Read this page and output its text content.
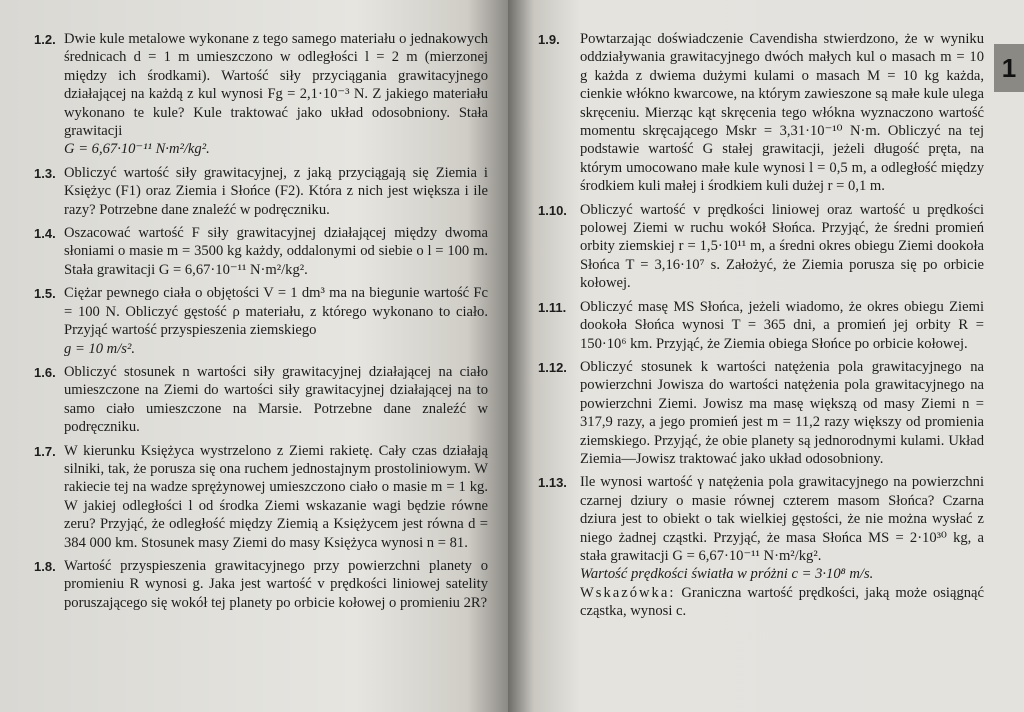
1.2. Dwie kule metalowe wykonane z tego samego materiału o jednakowych średnicach d = 1 m umieszczono w odległości l = 2 m (mierzonej między ich środkami). Wartość siły przyciągania grawitacyjnego działającej na każdą z kul wynosi Fg = 2,1·10⁻³ N. Z jakiego materiału wykonano te kule? Kule traktować jako układ odosobniony. Stała grawitacji

G = 6,67·10⁻¹¹ N·m²/kg².

1.3. Obliczyć wartość siły grawitacyjnej, z jaką przyciągają się Ziemia i Księżyc (F1) oraz Ziemia i Słońce (F2). Która z nich jest większa i ile razy? Potrzebne dane znaleźć w podręczniku.

1.4. Oszacować wartość F siły grawitacyjnej działającej między dwoma słoniami o masie m = 3500 kg każdy, oddalonymi od siebie o l = 100 m. Stała grawitacji G = 6,67·10⁻¹¹ N·m²/kg².

1.5. Ciężar pewnego ciała o objętości V = 1 dm³ ma na biegunie wartość Fc = 100 N. Obliczyć gęstość ρ materiału, z którego wykonano to ciało. Przyjąć wartość przyspieszenia ziemskiego

g = 10 m/s².

1.6. Obliczyć stosunek n wartości siły grawitacyjnej działającej na ciało umieszczone na Ziemi do wartości siły grawitacyjnej działającej na to samo ciało umieszczone na Marsie. Potrzebne dane znaleźć w podręczniku.

1.7. W kierunku Księżyca wystrzelono z Ziemi rakietę. Cały czas działają silniki, tak, że porusza się ona ruchem jednostajnym prostoliniowym. W rakiecie tej na wadze sprężynowej umieszczono ciało o masie m = 1 kg. W jakiej odległości l od środka Ziemi wskazanie wagi będzie równe zeru? Przyjąć, że odległość między Ziemią a Księżycem jest równa d = 384 000 km. Stosunek masy Ziemi do masy Księżyca wynosi n = 81.

1.8. Wartość przyspieszenia grawitacyjnego przy powierzchni planety o promieniu R wynosi g. Jaka jest wartość v prędkości liniowej satelity poruszającego się wokół tej planety po orbicie kołowej o promieniu 2R?

1
1.9.	Powtarzając doświadczenie Cavendisha stwierdzono, że w wyniku oddziaływania grawitacyjnego dwóch małych kul o masach m = 10 g każda z dwiema dużymi kulami o masach M = 10 kg każda, cienkie włókno kwarcowe, na którym zawieszone są małe kule ulega skręceniu. Mierząc kąt skręcenia tego włókna wyznaczono wartość momentu skręcającego Mskr = 3,31·10⁻¹⁰ N·m. Obliczyć na tej podstawie wartość G stałej grawitacji, jeżeli długość pręta, na którym umocowano małe kule wynosi l = 0,5 m, a odległość między środkiem kuli małej i środkiem kuli dużej r = 0,1 m.

1.10. Obliczyć wartość v prędkości liniowej oraz wartość u prędkości polowej Ziemi w ruchu wokół Słońca. Przyjąć, że średni promień orbity ziemskiej r = 1,5·10¹¹ m, a średni okres obiegu Ziemi dookoła Słońca T = 3,16·10⁷ s. Założyć, że Ziemia porusza się po orbicie kołowej.

1.11. Obliczyć masę MS Słońca, jeżeli wiadomo, że okres obiegu Ziemi dookoła Słońca wynosi T = 365 dni, a promień jej orbity R = 150·10⁶ km. Przyjąć, że Ziemia obiega Słońce po orbicie kołowej.

1.12. Obliczyć stosunek k wartości natężenia pola grawitacyjnego na powierzchni Jowisza do wartości natężenia pola grawitacyjnego na powierzchni Ziemi. Jowisz ma masę większą od masy Ziemi n = 317,9 razy, a jego promień jest m = 11,2 razy większy od promienia ziemskiego. Przyjąć, że obie planety są jednorodnymi kulami. Układ Ziemia—Jowisz traktować jako układ odosobniony.

1.13. Ile wynosi wartość γ natężenia pola grawitacyjnego na powierzchni czarnej dziury o masie równej czterem masom Słońca? Czarna dziura jest to obiekt o tak wielkiej gęstości, że nie można wysłać z niego żadnej cząstki. Przyjąć, że masa Słońca MS = 2·10³⁰ kg, a stała grawitacji G = 6,67·10⁻¹¹ N·m²/kg².

Wartość prędkości światła w próżni c = 3·10⁸ m/s.

Wskazówka: Graniczna wartość prędkości, jaką może osiągnąć cząstka, wynosi c.
